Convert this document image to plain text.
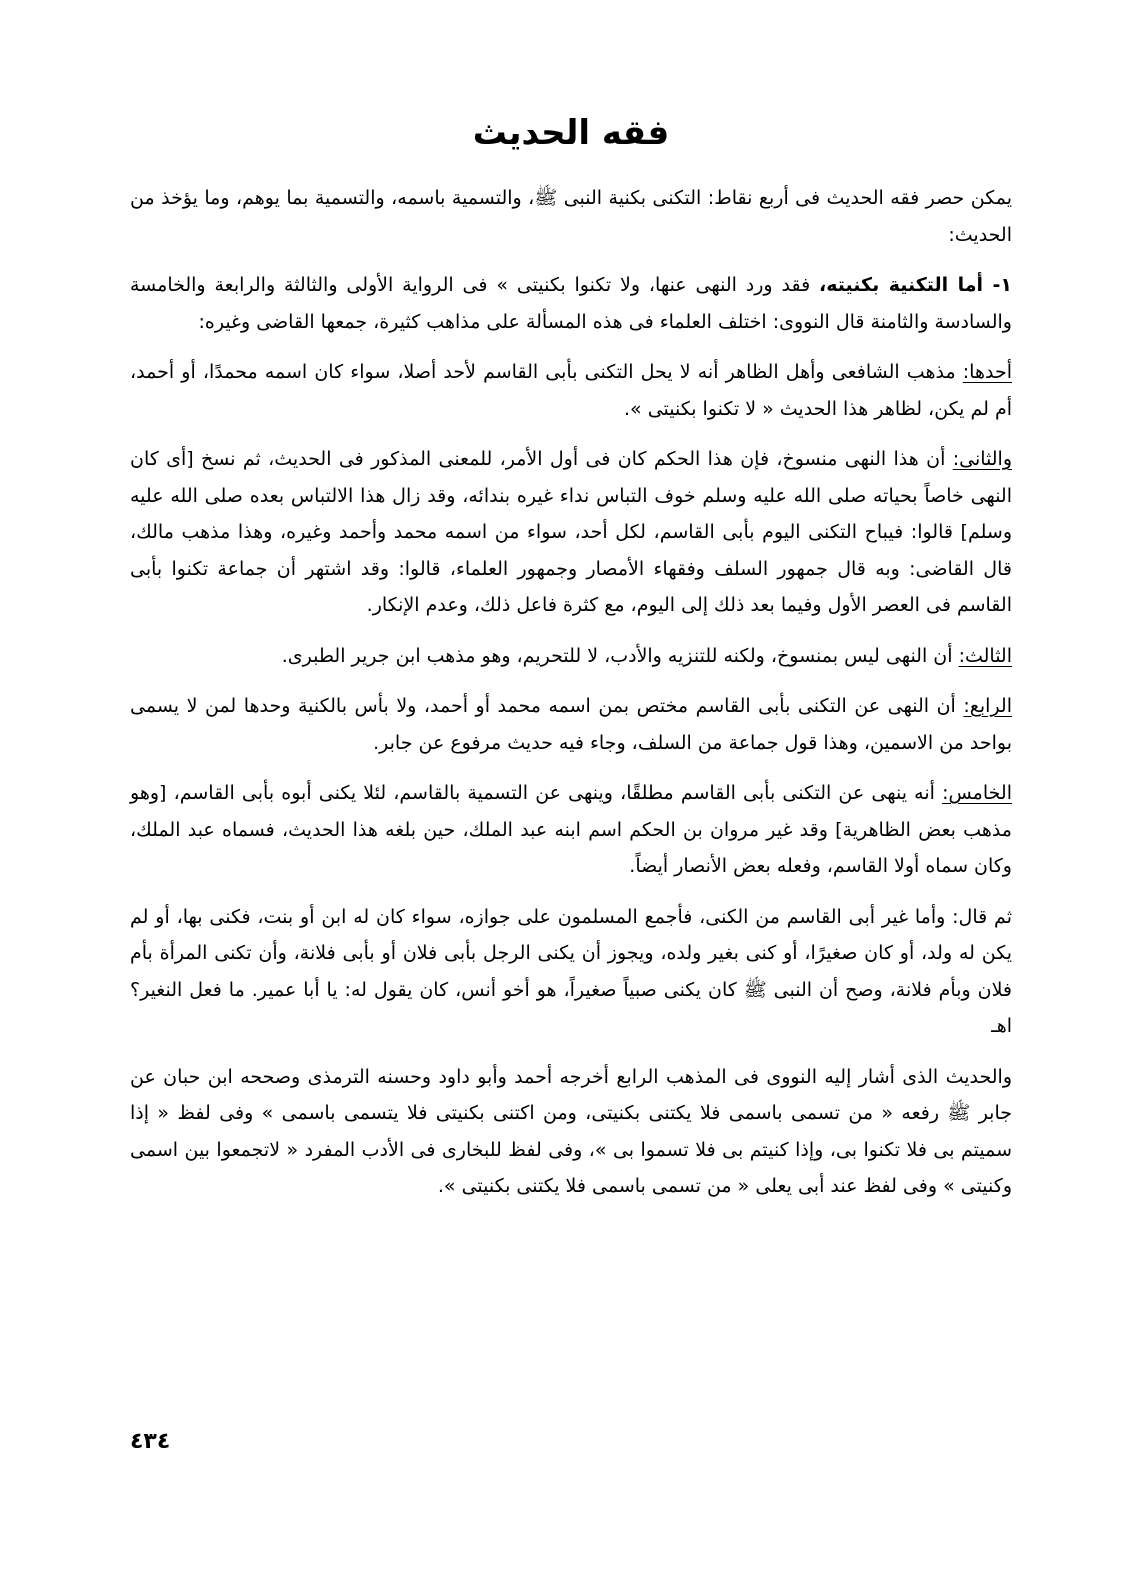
فقه الحديث

يمكن حصر فقه الحديث فى أربع نقاط: التكنى بكنية النبى ﷺ، والتسمية باسمه، والتسمية بما يوهم، وما يؤخذ من الحديث:

١- أما التكنية بكنيته، فقد ورد النهى عنها، ولا تكنوا بكنيتى » فى الرواية الأولى والثالثة والرابعة والخامسة والسادسة والثامنة قال النووى: اختلف العلماء فى هذه المسألة على مذاهب كثيرة، جمعها القاضى وغيره:

أحدها: مذهب الشافعى وأهل الظاهر أنه لا يحل التكنى بأبى القاسم لأحد أصلا، سواء كان اسمه محمدًا، أو أحمد، أم لم يكن، لظاهر هذا الحديث « لا تكنوا بكنيتى ».

والثانى: أن هذا النهى منسوخ، فإن هذا الحكم كان فى أول الأمر، للمعنى المذكور فى الحديث، ثم نسخ [أى كان النهى خاصاً بحياته صلى الله عليه وسلم خوف التباس نداء غيره بندائه، وقد زال هذا الالتباس بعده صلى الله عليه وسلم] قالوا: فيباح التكنى اليوم بأبى القاسم، لكل أحد، سواء من اسمه محمد وأحمد وغيره، وهذا مذهب مالك، قال القاضى: وبه قال جمهور السلف وفقهاء الأمصار وجمهور العلماء، قالوا: وقد اشتهر أن جماعة تكنوا بأبى القاسم فى العصر الأول وفيما بعد ذلك إلى اليوم، مع كثرة فاعل ذلك، وعدم الإنكار.

الثالث: أن النهى ليس بمنسوخ، ولكنه للتنزيه والأدب، لا للتحريم، وهو مذهب ابن جرير الطبرى.

الرابع: أن النهى عن التكنى بأبى القاسم مختص بمن اسمه محمد أو أحمد، ولا بأس بالكنية وحدها لمن لا يسمى بواحد من الاسمين، وهذا قول جماعة من السلف، وجاء فيه حديث مرفوع عن جابر.

الخامس: أنه ينهى عن التكنى بأبى القاسم مطلقًا، وينهى عن التسمية بالقاسم، لئلا يكنى أبوه بأبى القاسم، [وهو مذهب بعض الظاهرية] وقد غير مروان بن الحكم اسم ابنه عبد الملك، حين بلغه هذا الحديث، فسماه عبد الملك، وكان سماه أولا القاسم، وفعله بعض الأنصار أيضاً.

ثم قال: وأما غير أبى القاسم من الكنى، فأجمع المسلمون على جوازه، سواء كان له ابن أو بنت، فكنى بها، أو لم يكن له ولد، أو كان صغيرًا، أو كنى بغير ولده، ويجوز أن يكنى الرجل بأبى فلان أو بأبى فلانة، وأن تكنى المرأة بأم فلان وبأم فلانة، وصح أن النبى ﷺ كان يكنى صبياً صغيراً، هو أخو أنس، كان يقول له: يا أبا عمير. ما فعل النغير؟اهـ

والحديث الذى أشار إليه النووى فى المذهب الرابع أخرجه أحمد وأبو داود وحسنه الترمذى وصححه ابن حبان عن جابر ﷺ رفعه « من تسمى باسمى فلا يكتنى بكنيتى، ومن اكتنى بكنيتى فلا يتسمى باسمى » وفى لفظ « إذا سميتم بى فلا تكنوا بى، وإذا كنيتم بى فلا تسموا بى »، وفى لفظ للبخارى فى الأدب المفرد « لاتجمعوا بين اسمى وكنيتى » وفى لفظ عند أبى يعلى « من تسمى باسمى فلا يكتنى بكنيتى ».

٤٣٤
